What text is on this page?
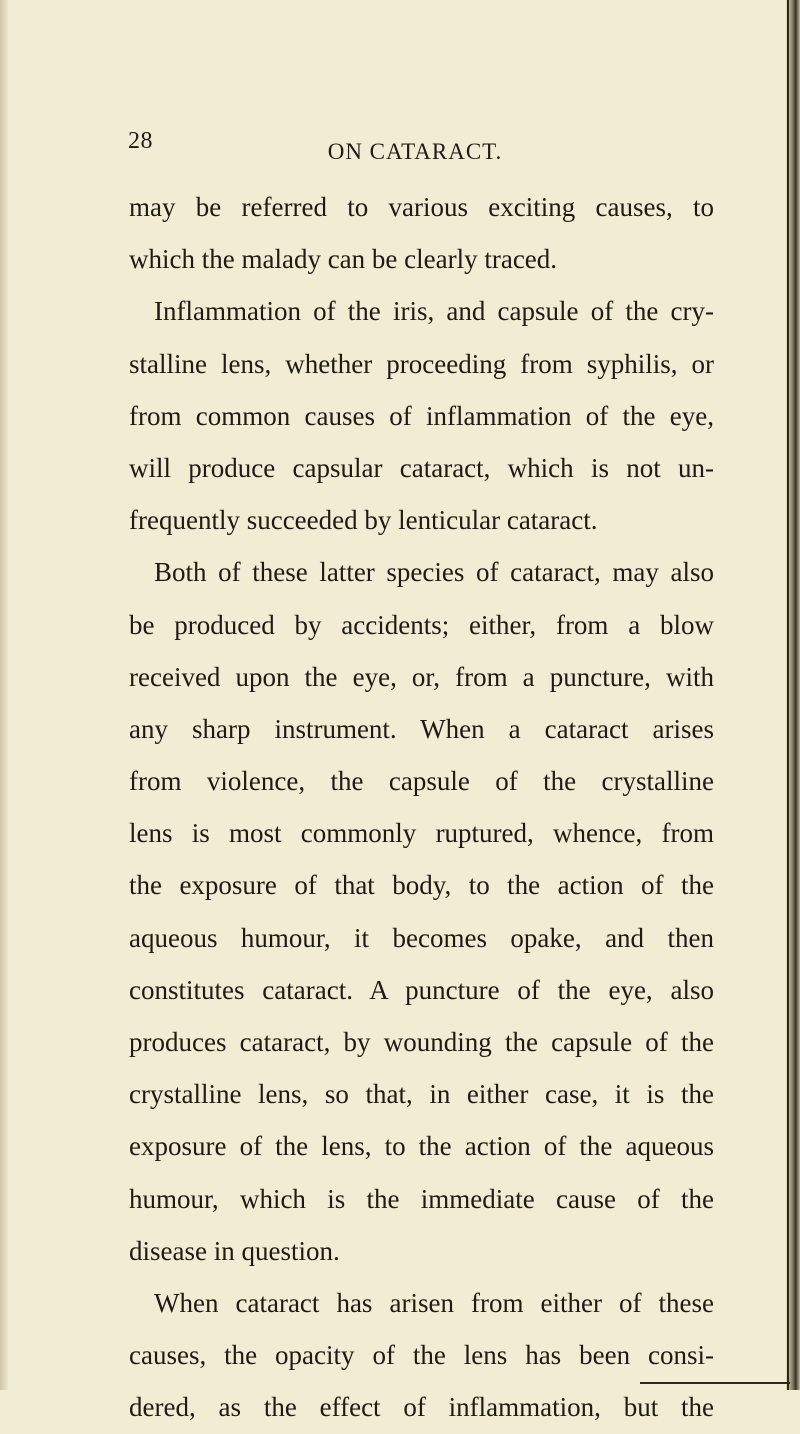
28	ON CATARACT.
may be referred to various exciting causes, to
which the malady can be clearly traced.
Inflammation of the iris, and capsule of the cry-
stalline lens, whether proceeding from syphilis, or
from common causes of inflammation of the eye,
will produce capsular cataract, which is not un-
frequently succeeded by lenticular cataract.
Both of these latter species of cataract, may also
be produced by accidents; either, from a blow
received upon the eye, or, from a puncture, with
any sharp instrument. When a cataract arises
from violence, the capsule of the crystalline
lens is most commonly ruptured, whence, from
the exposure of that body, to the action of the
aqueous humour, it becomes opake, and then
constitutes cataract. A puncture of the eye, also
produces cataract, by wounding the capsule of the
crystalline lens, so that, in either case, it is the
exposure of the lens, to the action of the aqueous
humour, which is the immediate cause of the
disease in question.
When cataract has arisen from either of these
causes, the opacity of the lens has been consi-
dered, as the effect of inflammation, but the
